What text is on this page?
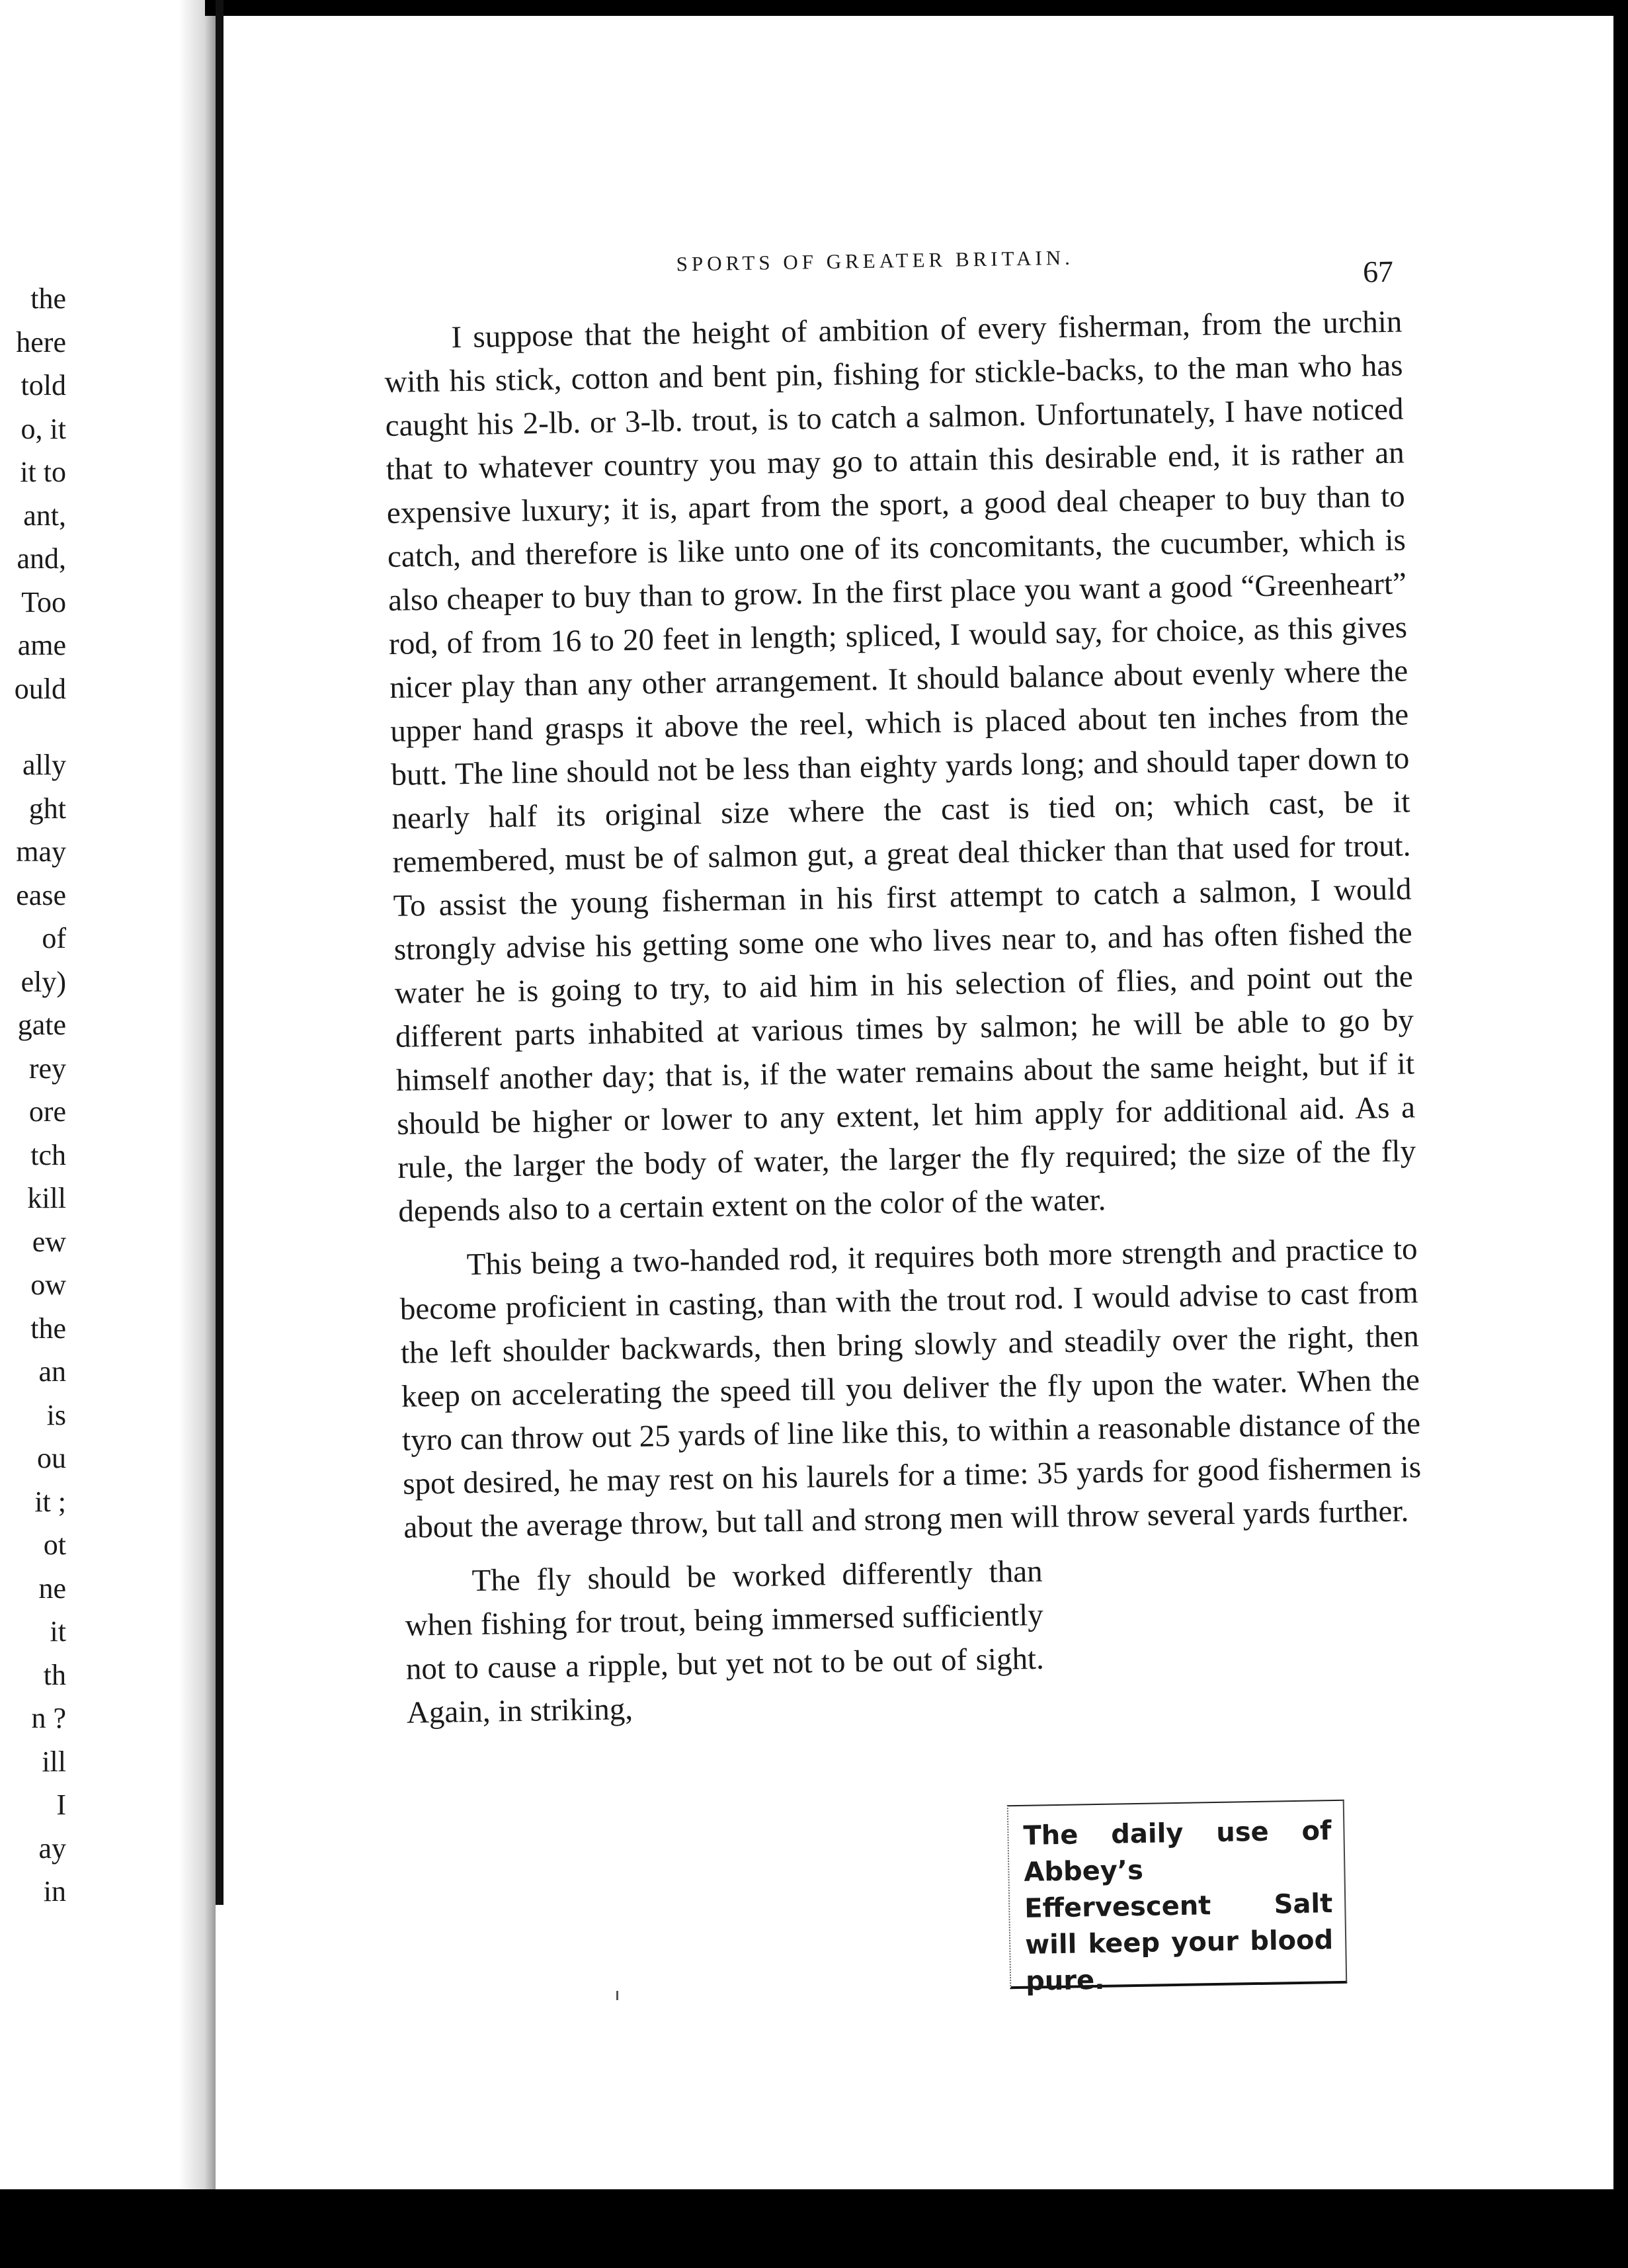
the
here
told
o, it
it to
ant,
and,
Too
ame
ould
ally
ght
may
ease
of
ely)
gate
rey
ore
tch
kill
ew
ow
the
an
is
ou
it ;
ot
ne
it
th
n ?
ill
I
ay
in
SPORTS OF GREATER BRITAIN.	67

I suppose that the height of ambition of every fisherman, from the urchin with his stick, cotton and bent pin, fishing for stickle-backs, to the man who has caught his 2-lb. or 3-lb. trout, is to catch a salmon. Unfortunately, I have noticed that to whatever country you may go to attain this desirable end, it is rather an expensive luxury; it is, apart from the sport, a good deal cheaper to buy than to catch, and therefore is like unto one of its concomitants, the cucumber, which is also cheaper to buy than to grow. In the first place you want a good “Greenheart” rod, of from 16 to 20 feet in length; spliced, I would say, for choice, as this gives nicer play than any other arrangement. It should balance about evenly where the upper hand grasps it above the reel, which is placed about ten inches from the butt. The line should not be less than eighty yards long; and should taper down to nearly half its original size where the cast is tied on; which cast, be it remembered, must be of salmon gut, a great deal thicker than that used for trout. To assist the young fisherman in his first attempt to catch a salmon, I would strongly advise his getting some one who lives near to, and has often fished the water he is going to try, to aid him in his selection of flies, and point out the different parts inhabited at various times by salmon; he will be able to go by himself another day; that is, if the water remains about the same height, but if it should be higher or lower to any extent, let him apply for additional aid. As a rule, the larger the body of water, the larger the fly required; the size of the fly depends also to a certain extent on the color of the water.

This being a two-handed rod, it requires both more strength and practice to become proficient in casting, than with the trout rod. I would advise to cast from the left shoulder backwards, then bring slowly and steadily over the right, then keep on accelerating the speed till you deliver the fly upon the water. When the tyro can throw out 25 yards of line like this, to within a reasonable distance of the spot desired, he may rest on his laurels for a time: 35 yards for good fishermen is about the average throw, but tall and strong men will throw several yards further.

The fly should be worked differently than when fishing for trout, being immersed sufficiently not to cause a ripple, but yet not to be out of sight. Again, in striking,

The daily use of Abbey’s Effervescent Salt will keep your blood pure.
